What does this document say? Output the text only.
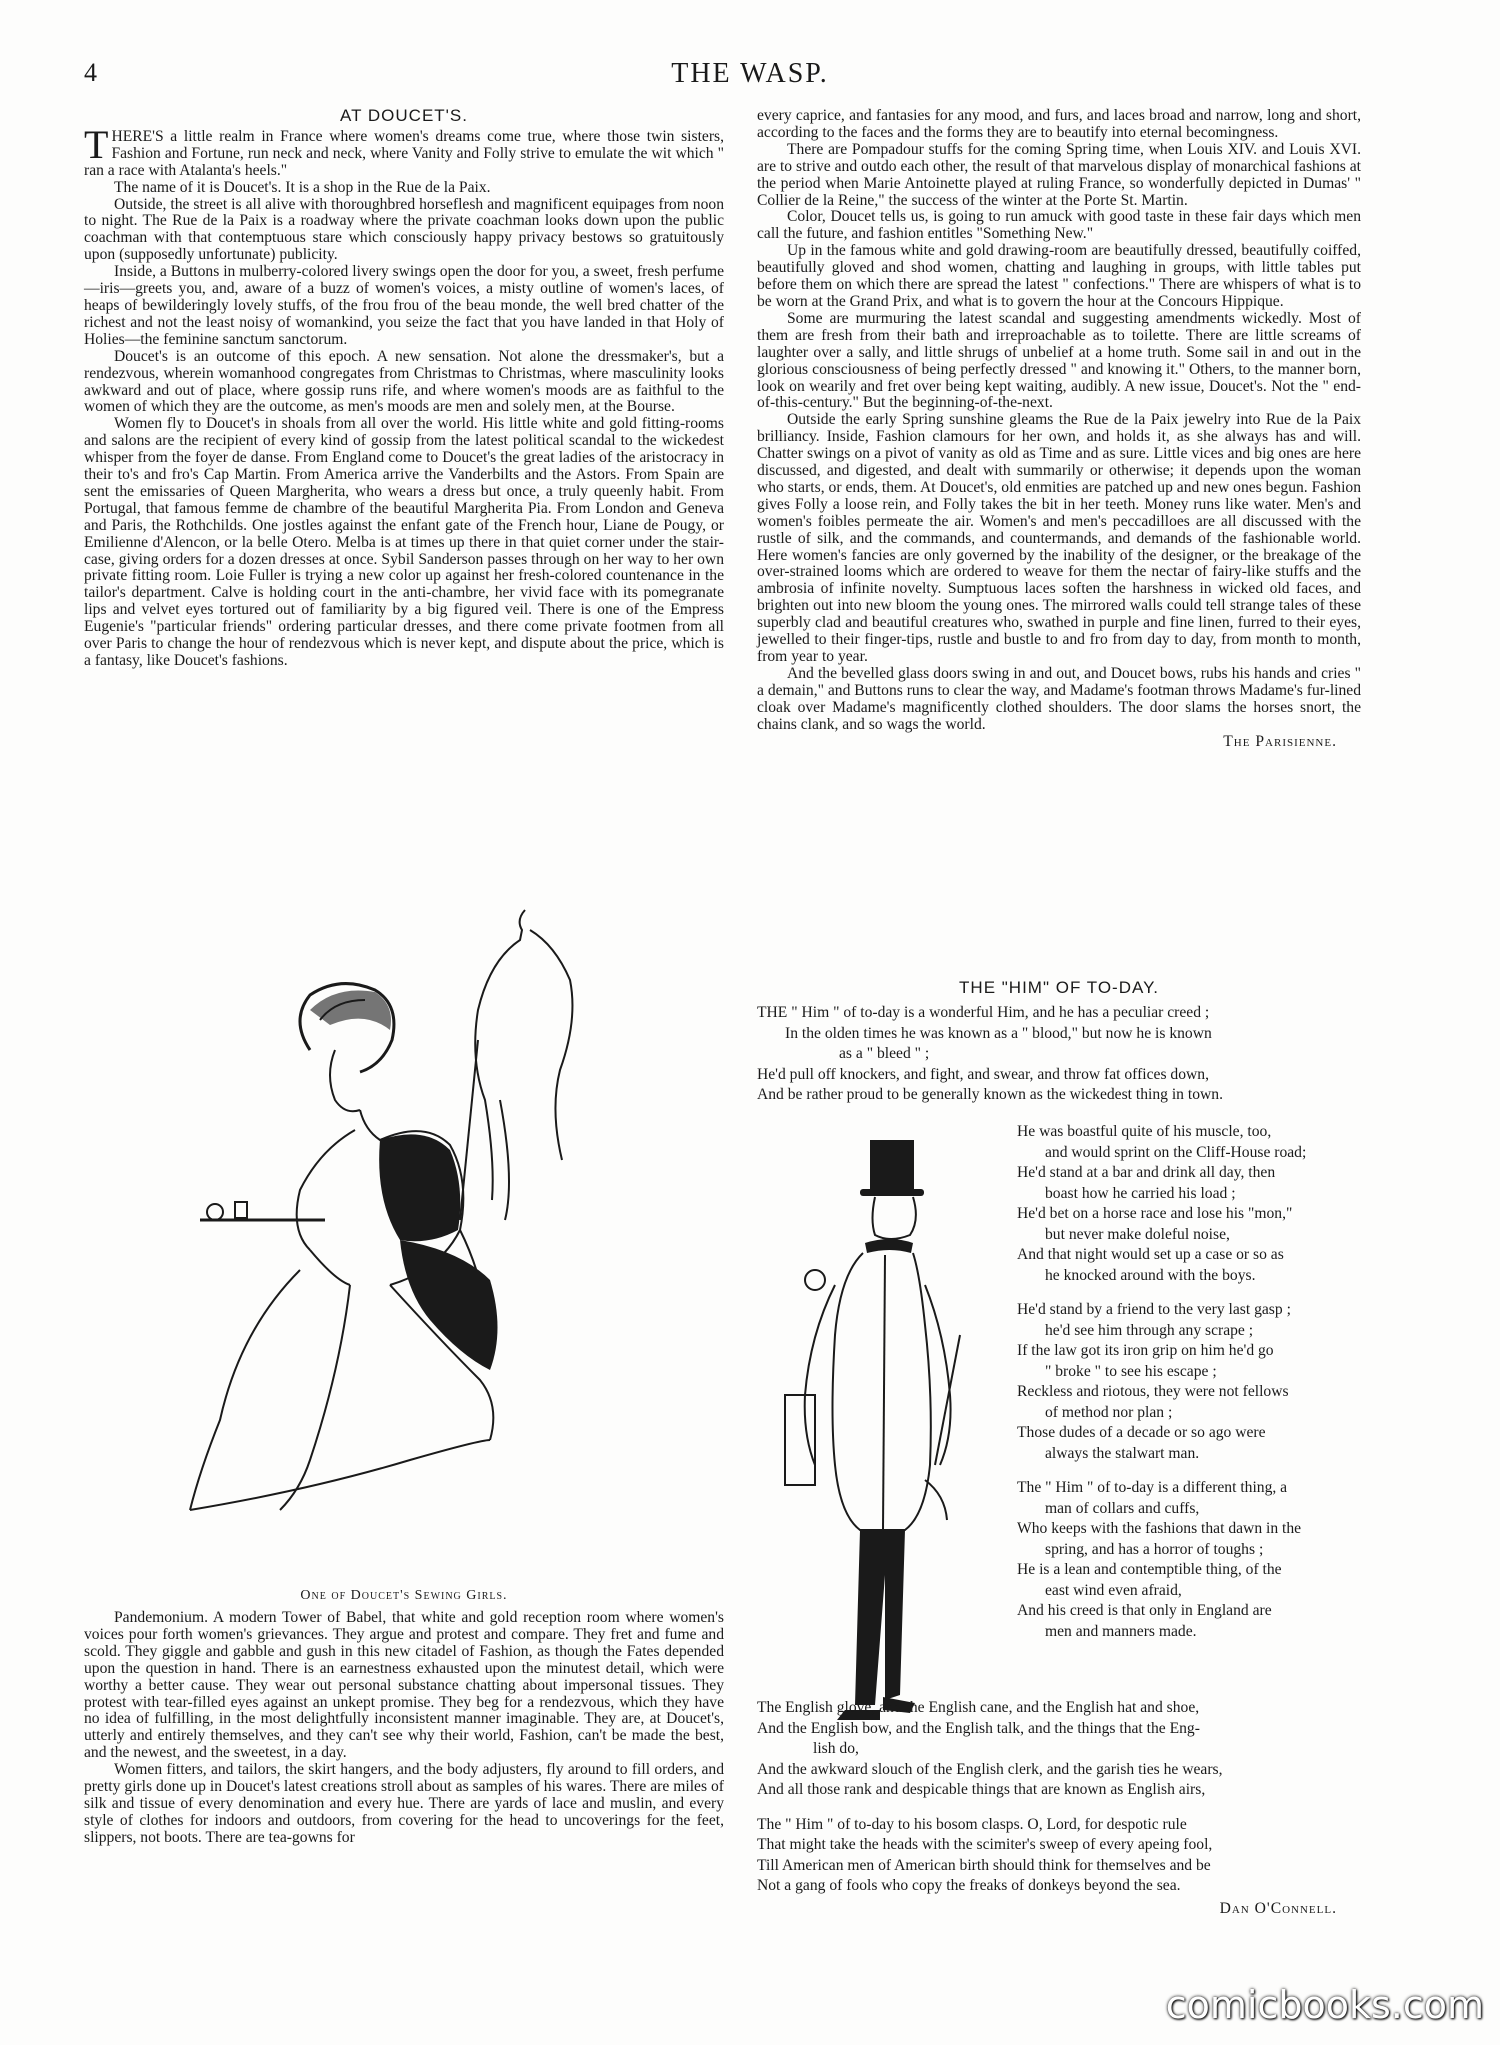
4	THE WASP.
AT DOUCET'S.

THERE'S a little realm in France where women's dreams come true, where those twin sisters, Fashion and Fortune, run neck and neck, where Vanity and Folly strive to emulate the wit which " ran a race with Atalanta's heels."

The name of it is Doucet's. It is a shop in the Rue de la Paix.

Outside, the street is all alive with thoroughbred horseflesh and magnificent equipages from noon to night. The Rue de la Paix is a roadway where the private coachman looks down upon the public coachman with that contemptuous stare which consciously happy privacy bestows so gratuitously upon (supposedly unfortunate) publicity.

Inside, a Buttons in mulberry-colored livery swings open the door for you, a sweet, fresh perfume—iris—greets you, and, aware of a buzz of women's voices, a misty outline of women's laces, of heaps of bewilderingly lovely stuffs, of the frou frou of the beau monde, the well bred chatter of the richest and not the least noisy of womankind, you seize the fact that you have landed in that Holy of Holies—the feminine sanctum sanctorum.

Doucet's is an outcome of this epoch. A new sensation. Not alone the dressmaker's, but a rendezvous, wherein womanhood congregates from Christmas to Christmas, where masculinity looks awkward and out of place, where gossip runs rife, and where women's moods are as faithful to the women of which they are the outcome, as men's moods are men and solely men, at the Bourse.

Women fly to Doucet's in shoals from all over the world. His little white and gold fitting-rooms and salons are the recipient of every kind of gossip from the latest political scandal to the wickedest whisper from the foyer de danse. From England come to Doucet's the great ladies of the aristocracy in their to's and fro's Cap Martin. From America arrive the Vanderbilts and the Astors. From Spain are sent the emissaries of Queen Margherita, who wears a dress but once, a truly queenly habit. From Portugal, that famous femme de chambre of the beautiful Margherita Pia. From London and Geneva and Paris, the Rothchilds. One jostles against the enfant gate of the French hour, Liane de Pougy, or Emilienne d'Alencon, or la belle Otero. Melba is at times up there in that quiet corner under the stair-case, giving orders for a dozen dresses at once. Sybil Sanderson passes through on her way to her own private fitting room. Loie Fuller is trying a new color up against her fresh-colored countenance in the tailor's department. Calve is holding court in the anti-chambre, her vivid face with its pomegranate lips and velvet eyes tortured out of familiarity by a big figured veil. There is one of the Empress Eugenie's "particular friends" ordering particular dresses, and there come private footmen from all over Paris to change the hour of rendezvous which is never kept, and dispute about the price, which is a fantasy, like Doucet's fashions.

One of Doucet's Sewing Girls.

Pandemonium. A modern Tower of Babel, that white and gold reception room where women's voices pour forth women's grievances. They argue and protest and compare. They fret and fume and scold. They giggle and gabble and gush in this new citadel of Fashion, as though the Fates depended upon the question in hand. There is an earnestness exhausted upon the minutest detail, which were worthy a better cause. They wear out personal substance chatting about impersonal tissues. They protest with tear-filled eyes against an unkept promise. They beg for a rendezvous, which they have no idea of fulfilling, in the most delightfully inconsistent manner imaginable. They are, at Doucet's, utterly and entirely themselves, and they can't see why their world, Fashion, can't be made the best, and the newest, and the sweetest, in a day.

Women fitters, and tailors, the skirt hangers, and the body adjusters, fly around to fill orders, and pretty girls done up in Doucet's latest creations stroll about as samples of his wares. There are miles of silk and tissue of every denomination and every hue. There are yards of lace and muslin, and every style of clothes for indoors and outdoors, from covering for the head to uncoverings for the feet, slippers, not boots. There are tea-gowns for

every caprice, and fantasies for any mood, and furs, and laces broad and narrow, long and short, according to the faces and the forms they are to beautify into eternal becomingness.

There are Pompadour stuffs for the coming Spring time, when Louis XIV. and Louis XVI. are to strive and outdo each other, the result of that marvelous display of monarchical fashions at the period when Marie Antoinette played at ruling France, so wonderfully depicted in Dumas' " Collier de la Reine," the success of the winter at the Porte St. Martin.

Color, Doucet tells us, is going to run amuck with good taste in these fair days which men call the future, and fashion entitles "Something New."

Up in the famous white and gold drawing-room are beautifully dressed, beautifully coiffed, beautifully gloved and shod women, chatting and laughing in groups, with little tables put before them on which there are spread the latest " confections." There are whispers of what is to be worn at the Grand Prix, and what is to govern the hour at the Concours Hippique.

Some are murmuring the latest scandal and suggesting amendments wickedly. Most of them are fresh from their bath and irreproachable as to toilette. There are little screams of laughter over a sally, and little shrugs of unbelief at a home truth. Some sail in and out in the glorious consciousness of being perfectly dressed " and knowing it." Others, to the manner born, look on wearily and fret over being kept waiting, audibly. A new issue, Doucet's. Not the " end-of-this-century." But the beginning-of-the-next.

Outside the early Spring sunshine gleams the Rue de la Paix jewelry into Rue de la Paix brilliancy. Inside, Fashion clamours for her own, and holds it, as she always has and will. Chatter swings on a pivot of vanity as old as Time and as sure. Little vices and big ones are here discussed, and digested, and dealt with summarily or otherwise; it depends upon the woman who starts, or ends, them. At Doucet's, old enmities are patched up and new ones begun. Fashion gives Folly a loose rein, and Folly takes the bit in her teeth. Money runs like water. Men's and women's foibles permeate the air. Women's and men's peccadilloes are all discussed with the rustle of silk, and the commands, and countermands, and demands of the fashionable world. Here women's fancies are only governed by the inability of the designer, or the breakage of the over-strained looms which are ordered to weave for them the nectar of fairy-like stuffs and the ambrosia of infinite novelty. Sumptuous laces soften the harshness in wicked old faces, and brighten out into new bloom the young ones. The mirrored walls could tell strange tales of these superbly clad and beautiful creatures who, swathed in purple and fine linen, furred to their eyes, jewelled to their finger-tips, rustle and bustle to and fro from day to day, from month to month, from year to year.

And the bevelled glass doors swing in and out, and Doucet bows, rubs his hands and cries " a demain," and Buttons runs to clear the way, and Madame's footman throws Madame's fur-lined cloak over Madame's magnificently clothed shoulders. The door slams the horses snort, the chains clank, and so wags the world.

The Parisienne.
THE "HIM" OF TO-DAY.
THE " Him " of to-day is a wonderful Him, and he has a peculiar creed ;
In the olden times he was known as a " blood," but now he is known
as a " bleed " ;
He'd pull off knockers, and fight, and swear, and throw fat offices down,
And be rather proud to be generally known as the wickedest thing in town.
He was boastful quite of his muscle, too,
and would sprint on the Cliff-House road;
He'd stand at a bar and drink all day, then
boast how he carried his load ;
He'd bet on a horse race and lose his "mon,"
but never make doleful noise,
And that night would set up a case or so as
he knocked around with the boys.
He'd stand by a friend to the very last gasp ;
he'd see him through any scrape ;
If the law got its iron grip on him he'd go
" broke " to see his escape ;
Reckless and riotous, they were not fellows
of method nor plan ;
Those dudes of a decade or so ago were
always the stalwart man.
The " Him " of to-day is a different thing, a
man of collars and cuffs,
Who keeps with the fashions that dawn in the
spring, and has a horror of toughs ;
He is a lean and contemptible thing, of the
east wind even afraid,
And his creed is that only in England are
men and manners made.
The English glove, and the English cane, and the English hat and shoe,
And the English bow, and the English talk, and the things that the Eng-
lish do,
And the awkward slouch of the English clerk, and the garish ties he wears,
And all those rank and despicable things that are known as English airs,
The " Him " of to-day to his bosom clasps. O, Lord, for despotic rule
That might take the heads with the scimiter's sweep of every apeing fool,
Till American men of American birth should think for themselves and be
Not a gang of fools who copy the freaks of donkeys beyond the sea.
Dan O'Connell.
comicbooks.com
